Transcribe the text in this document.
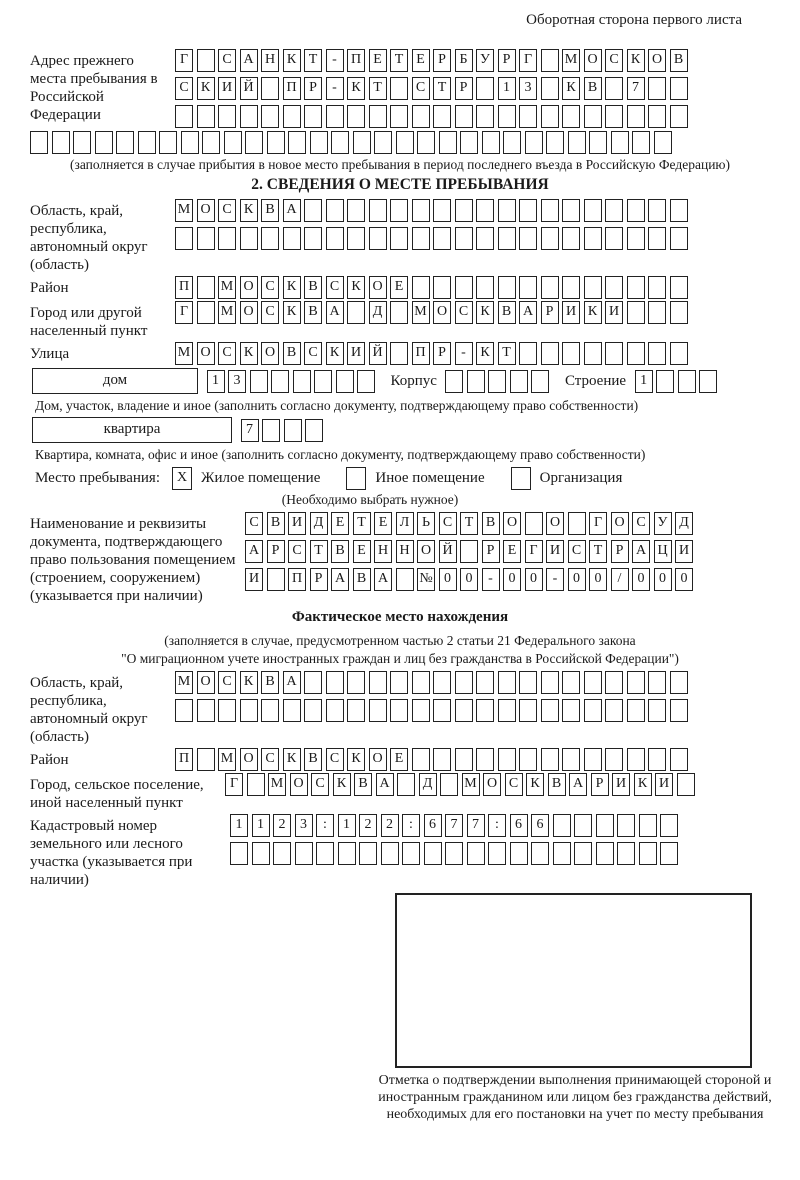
Оборотная сторона первого листа
Адрес прежнего места пребывания в Российской Федерации
Г	С А Н К Т	-	П Е Т Е Р Б У Р Г	М О С К О В
С К И Й П Р	-	К Т	С Т Р	1	3	К В	7
(заполняется в случае прибытия в новое место пребывания в период последнего въезда в Российскую Федерацию)
2. СВЕДЕНИЯ О МЕСТЕ ПРЕБЫВАНИЯ
Область, край, республика, автономный округ (область)
М О С К В А
Район	П М О С К В С К О Е
Город или другой населенный пункт
Г	М О С К В А	Д	М О С К В А Р И К И
Улица	М О С К О В С К И Й П Р	-	К Т
дом	1	3	Корпус	Строение	1
Дом, участок, владение и иное (заполнить согласно документу, подтверждающему право собственности)
квартира	7
Квартира, комната, офис и иное (заполнить согласно документу, подтверждающему право собственности)
Место пребывания:	X Жилое помещение	Иное помещение	Организация
(Необходимо выбрать нужное)
Наименование и реквизиты документа, подтверждающего право пользования помещением (строением, сооружением) (указывается при наличии)
С В И Д Е Т Е Л Ь С Т В О О	Г О С У Д
А Р С Т В Е Н Н О Й	Р Е Г И С Т Р А Ц И
И П Р А В А № 0	0	-	0	0	-	0	0	/	0	0	0
Фактическое место нахождения
(заполняется в случае, предусмотренном частью 2 статьи 21 Федерального закона
"О миграционном учете иностранных граждан и лиц без гражданства в Российской Федерации")
Область, край, республика, автономный округ (область)
М О С К В А
Район	П М О С К В С К О Е
Город, сельское поселение, иной населенный пункт
Г	М О С К В А	Д	М О С К В А Р И К И
Кадастровый номер земельного или лесного участка (указывается при наличии)
1	1	2	3	:	1	2	2	:	6	7	7	:	6	6
Отметка о подтверждении выполнения принимающей стороной и иностранным гражданином или лицом без гражданства действий, необходимых для его постановки на учет по месту пребывания
